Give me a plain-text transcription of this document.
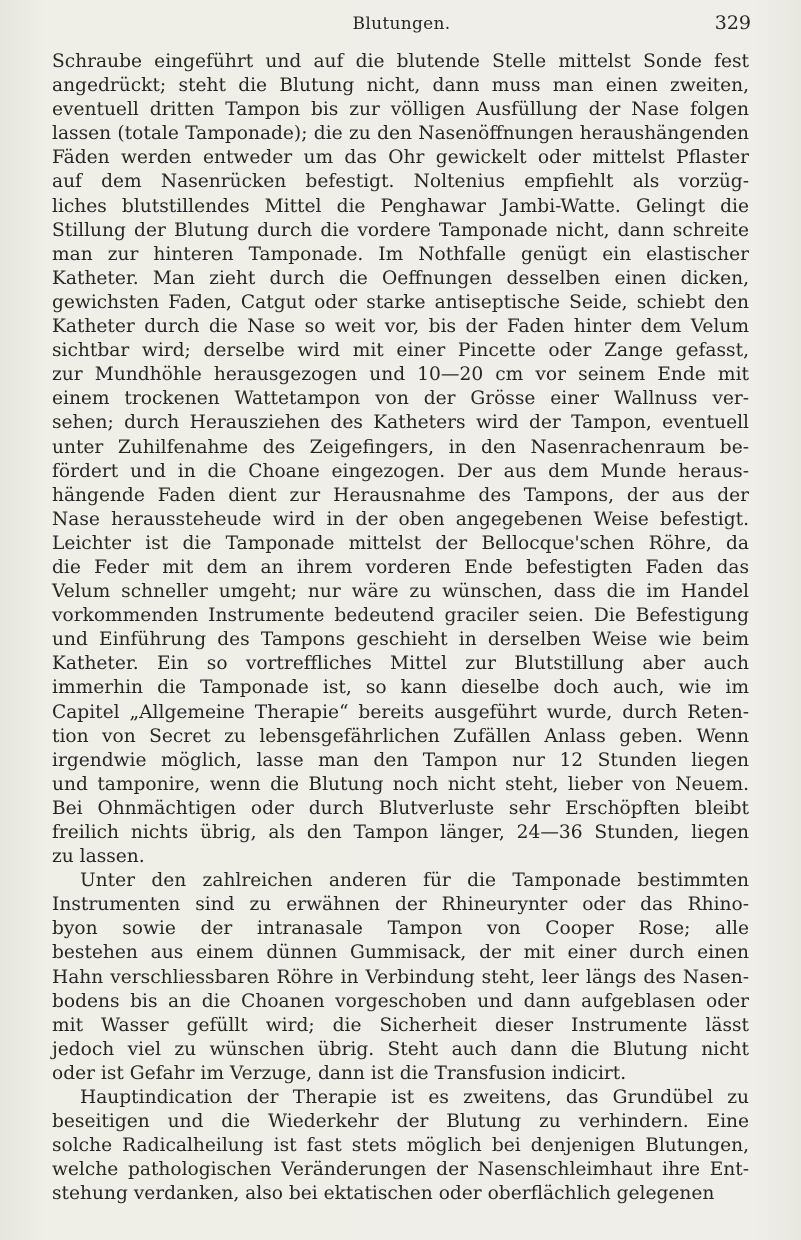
Blutungen.	329
Schraube eingeführt und auf die blutende Stelle mittelst Sonde fest
angedrückt; steht die Blutung nicht, dann muss man einen zweiten,
eventuell dritten Tampon bis zur völligen Ausfüllung der Nase folgen
lassen (totale Tamponade); die zu den Nasenöffnungen heraushängenden
Fäden werden entweder um das Ohr gewickelt oder mittelst Pflaster
auf dem Nasenrücken befestigt. Noltenius empfiehlt als vorzüg-
liches blutstillendes Mittel die Penghawar Jambi-Watte. Gelingt die
Stillung der Blutung durch die vordere Tamponade nicht, dann schreite
man zur hinteren Tamponade. Im Nothfalle genügt ein elastischer
Katheter. Man zieht durch die Oeffnungen desselben einen dicken,
gewichsten Faden, Catgut oder starke antiseptische Seide, schiebt den
Katheter durch die Nase so weit vor, bis der Faden hinter dem Velum
sichtbar wird; derselbe wird mit einer Pincette oder Zange gefasst,
zur Mundhöhle herausgezogen und 10—20 cm vor seinem Ende mit
einem trockenen Wattetampon von der Grösse einer Wallnuss ver-
sehen; durch Herausziehen des Katheters wird der Tampon, eventuell
unter Zuhilfenahme des Zeigefingers, in den Nasenrachenraum be-
fördert und in die Choane eingezogen. Der aus dem Munde heraus-
hängende Faden dient zur Herausnahme des Tampons, der aus der
Nase heraussteheude wird in der oben angegebenen Weise befestigt.
Leichter ist die Tamponade mittelst der Bellocque'schen Röhre, da
die Feder mit dem an ihrem vorderen Ende befestigten Faden das
Velum schneller umgeht; nur wäre zu wünschen, dass die im Handel
vorkommenden Instrumente bedeutend graciler seien. Die Befestigung
und Einführung des Tampons geschieht in derselben Weise wie beim
Katheter. Ein so vortreffliches Mittel zur Blutstillung aber auch
immerhin die Tamponade ist, so kann dieselbe doch auch, wie im
Capitel „Allgemeine Therapie“ bereits ausgeführt wurde, durch Reten-
tion von Secret zu lebensgefährlichen Zufällen Anlass geben. Wenn
irgendwie möglich, lasse man den Tampon nur 12 Stunden liegen
und tamponire, wenn die Blutung noch nicht steht, lieber von Neuem.
Bei Ohnmächtigen oder durch Blutverluste sehr Erschöpften bleibt
freilich nichts übrig, als den Tampon länger, 24—36 Stunden, liegen
zu lassen.
Unter den zahlreichen anderen für die Tamponade bestimmten
Instrumenten sind zu erwähnen der Rhineurynter oder das Rhino-
byon sowie der intranasale Tampon von Cooper Rose; alle
bestehen aus einem dünnen Gummisack, der mit einer durch einen
Hahn verschliessbaren Röhre in Verbindung steht, leer längs des Nasen-
bodens bis an die Choanen vorgeschoben und dann aufgeblasen oder
mit Wasser gefüllt wird; die Sicherheit dieser Instrumente lässt
jedoch viel zu wünschen übrig. Steht auch dann die Blutung nicht
oder ist Gefahr im Verzuge, dann ist die Transfusion indicirt.
Hauptindication der Therapie ist es zweitens, das Grundübel zu
beseitigen und die Wiederkehr der Blutung zu verhindern. Eine
solche Radicalheilung ist fast stets möglich bei denjenigen Blutungen,
welche pathologischen Veränderungen der Nasenschleimhaut ihre Ent-
stehung verdanken, also bei ektatischen oder oberflächlich gelegenen
